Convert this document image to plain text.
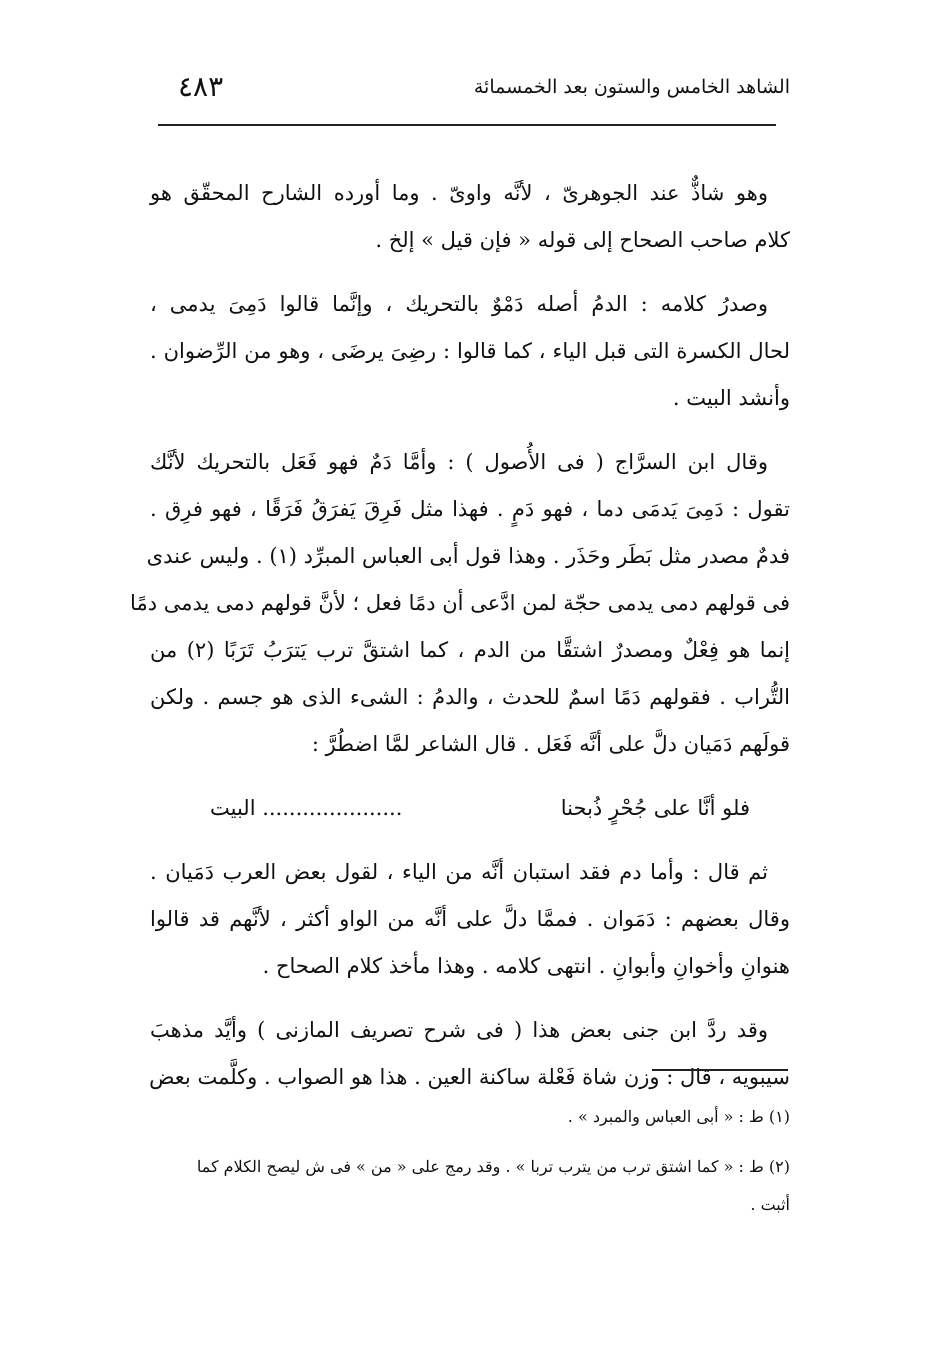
الشاهد الخامس والستون بعد الخمسمائة
٤٨٣
وهو شاذٌّ عند الجوهرىّ ، لأنَّه واوىّ . وما أورده الشارح المحقّق هو
كلام صاحب الصحاح إلى قوله « فإن قيل » إلخ .
وصدرُ كلامه : الدمُ أصله دَمْوٌ بالتحريك ، وإنَّما قالوا دَمِىَ يدمى ،
لحال الكسرة التى قبل الياء ، كما قالوا : رضِىَ يرضَى ، وهو من الرِّضوان .
وأنشد البيت .
وقال ابن السرَّاج ( فى الأُصول ) : وأمَّا دَمٌ فهو فَعَل بالتحريك لأنَّك
تقول : دَمِىَ يَدمَى دما ، فهو دَمٍ . فهذا مثل فَرِقَ يَفرَقُ فَرَقًا ، فهو فرِق .
فدمٌ مصدر مثل بَطَر وحَذَر . وهذا قول أبى العباس المبرِّد (١) . وليس عندى
فى قولهم دمى يدمى حجّة لمن ادَّعى أن دمًا فعل ؛ لأنَّ قولهم دمى يدمى دمًا
إنما هو فِعْلٌ ومصدرٌ اشتقَّا من الدم ، كما اشتقَّ ترب يَترَبُ تَرَبًا (٢) من
التُّراب . فقولهم دَمًا اسمٌ للحدث ، والدمُ : الشىء الذى هو جسم . ولكن
قولَهم دَمَيان دلَّ على أنَّه فَعَل . قال الشاعر لمَّا اضطُرَّ :
فلو أنَّا على جُحْرٍ ذُبحنا
..................... البيت
ثم قال : وأما دم فقد استبان أنَّه من الياء ، لقول بعض العرب دَمَيان .
وقال بعضهم : دَمَوان . فممَّا دلَّ على أنَّه من الواو أكثر ، لأنَّهم قد قالوا
هنوانِ وأخوانِ وأبوانِ . انتهى كلامه . وهذا مأخذ كلام الصحاح .
وقد ردَّ ابن جنى بعض هذا ( فى شرح تصريف المازنى ) وأيَّد مذهبَ
سيبويه ، قال : وزن شاة فَعْلة ساكنة العين . هذا هو الصواب . وكلَّمت بعض
(١) ط : « أبى العباس والمبرد » .
(٢) ط : « كما اشتق ترب من يترب تربا » . وقد رمج على « من » فى ش ليصح الكلام كما
أثبت .
